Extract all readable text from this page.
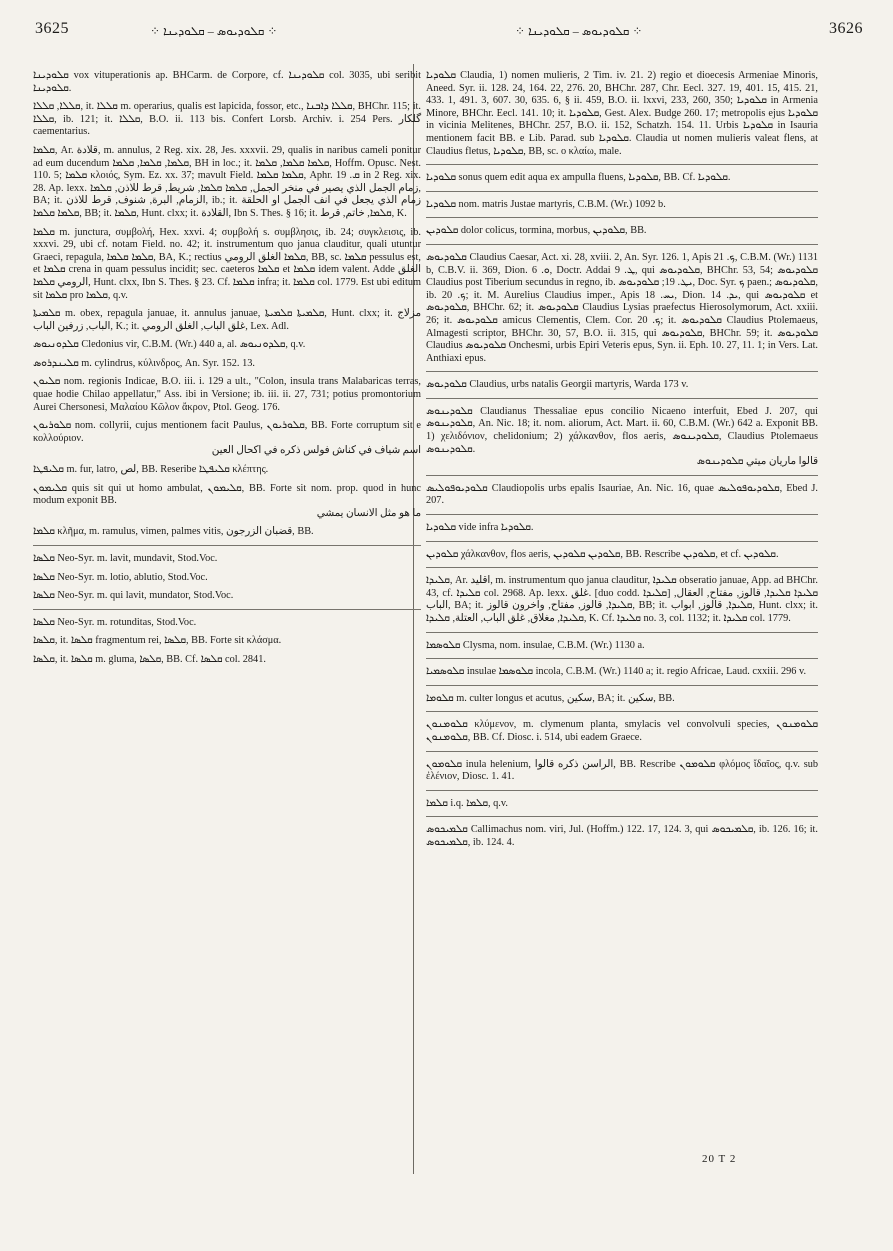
3625	⁘ ܩܠܘܕܝܘܣ – ܩܠܘܕܝܢܐ ⁘	⁘ ܩܠܘܕܝܘܣ – ܩܠܘܕܝܢܐ ⁘	3626

ܩܠܘܕܝܢܐ vox vituperationis ap. BHCarm. de Corpore, cf. ܩܠܘܕܝܢܐ col. 3035, ubi seribit ܩܠܘܕܝܢܐ.

ܩܠܠܐ, ܩܠܠܐ, it. ܩܠܠܐ m. operarius, qualis est lapicida, fossor, etc., ܩܠܠܐ ܕܐܒܢܐ, BHChr. 115; it. ܩܠܠܐ, ib. 121; it. ܩܠܠܐ, B.O. ii. 113 bis. Confert Lorsb. Archiv. i. 254 Pers. گلکار caementarius.

ܩܠܡܐ, Ar. قلادة, m. annulus, 2 Reg. xix. 28, Jes. xxxvii. 29, qualis in naribus cameli ponitur ad eum ducendum ܩܠܡܐ, ܩܠܡܐ, ܩܠܡܐ, BH in loc.; it. ܩܠܡܐ ܩܠܡܐ, ܩܠܡܐ, Hoffm. Opusc. Nest. 110. 5; ܩܠܡܐ κλοιός, Sym. Ez. xx. 37; mavult Field. ܩܠܡܐ ܩܠܡܐ, Aphr. ܩ. 19 in 2 Reg. xix. 28. Ap. lexx. زمام الجمل الذي يصير في منخر الجمل, ܩܠܡܐ ܩܠܡܐ, شريط, قرط للاذن, ܩܠܡܐ, BA; it. الزمام, البرة, شنوف, قرط للاذن, ib.; it. زمام الذي يجعل في انف الجمل او الحلقة ܩܠܡܐ ܩܠܡܐ, BB; it. ܩܠܡܐ, Hunt. clxx; it. القلادة, Ibn S. Thes. § 16; it. ܩܠܡܐ, خاتم, قرط, K.

ܩܠܡܐ m. junctura, συμβολή, Hex. xxvi. 4; συμβολή s. συμβλησις, ib. 24; συγκλεισις, ib. xxxvi. 29, ubi cf. notam Field. no. 42; it. instrumentum quo janua clauditur, quali utuntur Graeci, repagula, ܩܠܡܐ ܩܠܡܐ, BA, K.; rectius ܩܠܡܐ الغلق الرومي, BB, sc. ܩܠܡܐ pessulus est, et ܩܠܡܐ crena in quam pessulus incidit; sec. caeteros ܩܠܡܐ et ܩܠܡܐ idem valent. Adde الغلق الرومي ܩܠܡܐ, Hunt. clxx, Ibn S. Thes. § 23. Cf. ܩܠܡܐ infra; it. ܩܠܡܐ col. 1779. Est ubi editum sit ܩܠܡܐ pro ܩܠܡܐ, q.v.

ܩܠܡܝܬܐ m. obex, repagula januae, it. annulus januae, ܩܠܡܝܬܐ ܩܠܡܝܬܐ, Hunt. clxx; it. مزلاج الباب, زرفين الباب, K.; it. غلق الباب, الغلق الرومي, Lex. Adl.

ܩܠܕܘܢܝܘܣ Cledonius vir, C.B.M. (Wr.) 440 a, al. ܩܠܕܘܢܝܘܣ, q.v.

ܩܠܝܢܕܪܘܣ m. cylindrus, κύλινδρος, An. Syr. 152. 13.

ܩܠܝܘܢ nom. regionis Indicae, B.O. iii. i. 129 a ult., "Colon, insula trans Malabaricas terras, quae hodie Chilao appellatur," Ass. ibi in Versione; ib. iii. ii. 27, 731; potius promontorium Aurei Chersonesi, Μαλαίου Κῶλον ἄκρον, Ptol. Geog. 176.

ܩܠܘܪܝܘܢ nom. collyrii, cujus mentionem facit Paulus, ܩܠܘܪܝܘܢ, BB. Forte corruptum sit e κολλούριον.

اسم شياف في كناش فولس ذكره في اكحال العين

ܩܠܝܦܛܐ m. fur, latro, لص, BB. Reseribe ܩܠܝܦܛܐ κλέπτης.

ܩܠܝܡܘܢ quis sit qui ut homo ambulat, ܩܠܝܡܘܢ, BB. Forte sit nom. prop. quod in hunc modum exponit BB.

ما هو مثل الانسان يمشي

ܩܠܡܐ κλῆμα, m. ramulus, vimen, palmes vitis, قضبان الزرجون, BB.

ܩܠܣܐ Neo-Syr. m. lavit, mundavit, Stod.Voc.

ܩܠܣܐ Neo-Syr. m. lotio, ablutio, Stod.Voc.

ܩܠܣܐ Neo-Syr. m. qui lavit, mundator, Stod.Voc.

ܩܠܣܐ Neo-Syr. m. rotunditas, Stod.Voc.

ܩܠܣܐ, it. ܩܠܣܐ fragmentum rei, ܩܠܣܐ, BB. Forte sit κλάσμα.

ܩܠܣܐ, it. ܩܠܣܐ m. gluma, ܩܠܣܐ, BB. Cf. ܩܠܣܐ col. 2841.

ܩܠܘܕܝܐ Claudia, 1) nomen mulieris, 2 Tim. iv. 21. 2) regio et dioecesis Armeniae Minoris, Aneed. Syr. ii. 128. 24, 164. 22, 276. 20, BHChr. 287, Chr. Eecl. 327. 19, 401. 15, 415. 21, 433. 1, 491. 3, 607. 30, 635. 6, § ii. 459, B.O. ii. lxxvi, 233, 260, 350; ܩܠܘܕܝܐ in Armenia Minore, BHChr. Eecl. 141. 10; it. ܩܠܘܕܝܐ, Gest. Alex. Budge 260. 17; metropolis ejus ܩܠܘܕܝܐ in vicinia Melitenes, BHChr. 257, B.O. ii. 152, Schatzh. 154. 11. Urbis ܩܠܘܕܝܐ in Isauria mentionem facit BB. e Lib. Parad. sub ܩܠܘܕܝܐ. Claudia ut nomen mulieris valeat flens, at Claudius fletus, ܩܠܘܕܝܐ, BB, sc. o κλαίω, male.

ܩܠܘܕܝܐ sonus quem edit aqua ex ampulla fluens, ܩܠܘܕܝܐ, BB. Cf. ܩܠܘܕܝܐ.

ܩܠܘܕܝܐ nom. matris Justae martyris, C.B.M. (Wr.) 1092 b.

ܩܠܘܕܝܢ dolor colicus, tormina, morbus, ܩܠܘܕܝܢ, BB.

ܩܠܘܕܝܘܣ Claudius Caesar, Act. xi. 28, xviii. 2, An. Syr. 126. 1, Apis ܟ. 21, C.B.M. (Wr.) 1131 b, C.B.V. ii. 369, Dion. ܘ. 6, Doctr. Addai ܛ. 9, qui ܩܠܘܕܝܘܣ, BHChr. 53, 54; ܩܠܘܕܝܘܣ Claudius post Tiberium secundus in regno, ib. ܝܛ. 19; ܩܠܘܕܝܘܣ, Doc. Syr. ܟ paen.; ܩܠܘܕܝܘܣ, ib. ܟ. 20; it. M. Aurelius Claudius imper., Apis ܝܚ. 18, Dion. ܝܕ. 14, qui ܩܠܘܕܝܘܣ et ܩܠܘܕܝܘܣ, BHChr. 62; it. ܩܠܘܕܝܘܣ Claudius Lysias praefectus Hierosolymorum, Act. xxiii. 26; it. ܩܠܘܕܝܘܣ amicus Clementis, Clem. Cor. ܟ. 20; it. ܩܠܘܕܝܘܣ Claudius Ptolemaeus, Almagesti scriptor, BHChr. 30, 57, B.O. ii. 315, qui ܩܠܘܕܝܘܣ, BHChr. 59; it. ܩܠܘܕܝܘܣ Claudius ܩܠܘܕܝܘܣ Onchesmi, urbis Epiri Veteris epus, Syn. ii. Eph. 10. 27, 11. 1; in Vers. Lat. Anthiaxi epus.

ܩܠܘܕܝܘܣ Claudius, urbs natalis Georgii martyris, Warda 173 v.

ܩܠܘܕܝܢܘܣ Claudianus Thessaliae epus concilio Nicaeno interfuit, Ebed J. 207, qui ܩܠܘܕܝܢܘܣ, An. Nic. 18; it. nom. aliorum, Act. Mart. ii. 60, C.B.M. (Wr.) 642 a. Exponit BB. 1) χελιδόνιον, chelidonium; 2) χάλκανθον, flos aeris, ܩܠܘܕܝܢܘܣ, Claudius Ptolemaeus ܩܠܘܕܝܢܘܣ.

قالوا ماريان ميتي ܩܠܘܕܝܢܘܣ

ܩܠܘܕܝܘܦܘܠܝܣ Claudiopolis urbs epalis Isauriae, An. Nic. 16, quae ܩܠܘܕܝܘܦܘܠܝܣ, Ebed J. 207.

ܩܠܘܕܝܐ vide infra ܩܠܘܕܝܐ.

ܩܠܘܕܝܢ χάλκανθον, flos aeris, ܩܠܘܕܝܢ ܩܠܘܕܝܢ, BB. Rescribe ܩܠܘܕܝܢ, et cf. ܩܠܘܕܝܢ.

ܩܠܝܕܐ, Ar. اقليد, m. instrumentum quo janua clauditur, ܩܠܝܕܐ obseratio januae, App. ad BHChr. 43, cf. ܩܠܝܕܐ col. 2968. Ap. lexx. غلق. [duo codd. ܩܠܝܕܐ] ܩܠܝܕܐ ܩܠܝܕܐ, قالوز, مفتاح, العقال, الباب, BA; it. ܩܠܝܕܐ, قالوز, مفتاح, واخرون قالوز, BB; it. ܩܠܝܕܐ, قالوز, ابواب, Hunt. clxx; it. ܩܠܝܕܐ, مغلاق, غلق الباب, العتلة, ܩܠܝܕܐ, K. Cf. ܩܠܝܕܐ no. 3, col. 1132; it. ܩܠܝܕܐ col. 1779.

ܩܠܘܣܡܐ Clysma, nom. insulae, C.B.M. (Wr.) 1130 a.

ܩܠܘܣܡܝܐ insulae ܩܠܘܣܡܐ incola, C.B.M. (Wr.) 1140 a; it. regio Africae, Laud. cxxiii. 296 v.

ܩܠܘܡܐ m. culter longus et acutus, سكين, BA; it. سكين, BB.

ܩܠܘܡܢܘܢ κλύμενον, m. clymenum planta, smylacis vel convolvuli species, ܩܠܘܡܢܘܢ ܩܠܘܡܢܘܢ, BB. Cf. Diosc. i. 514, ubi eadem Graece.

ܩܠܘܡܘܢ inula helenium, الراسن ذكره قالوا, BB. Rescribe ܩܠܘܡܘܢ φλόμος ἴδαῖος, q.v. sub ἐλένιον, Diosc. 1. 41.

ܩܠܡܐ i.q. ܩܠܡܐ, q.v.

ܩܠܡܝܟܘܣ Callimachus nom. viri, Jul. (Hoffm.) 122. 17, 124. 3, qui ܩܠܡܝܟܘܣ, ib. 126. 16; it. ܩܠܡܝܟܘܣ, ib. 124. 4.

20 T 2
